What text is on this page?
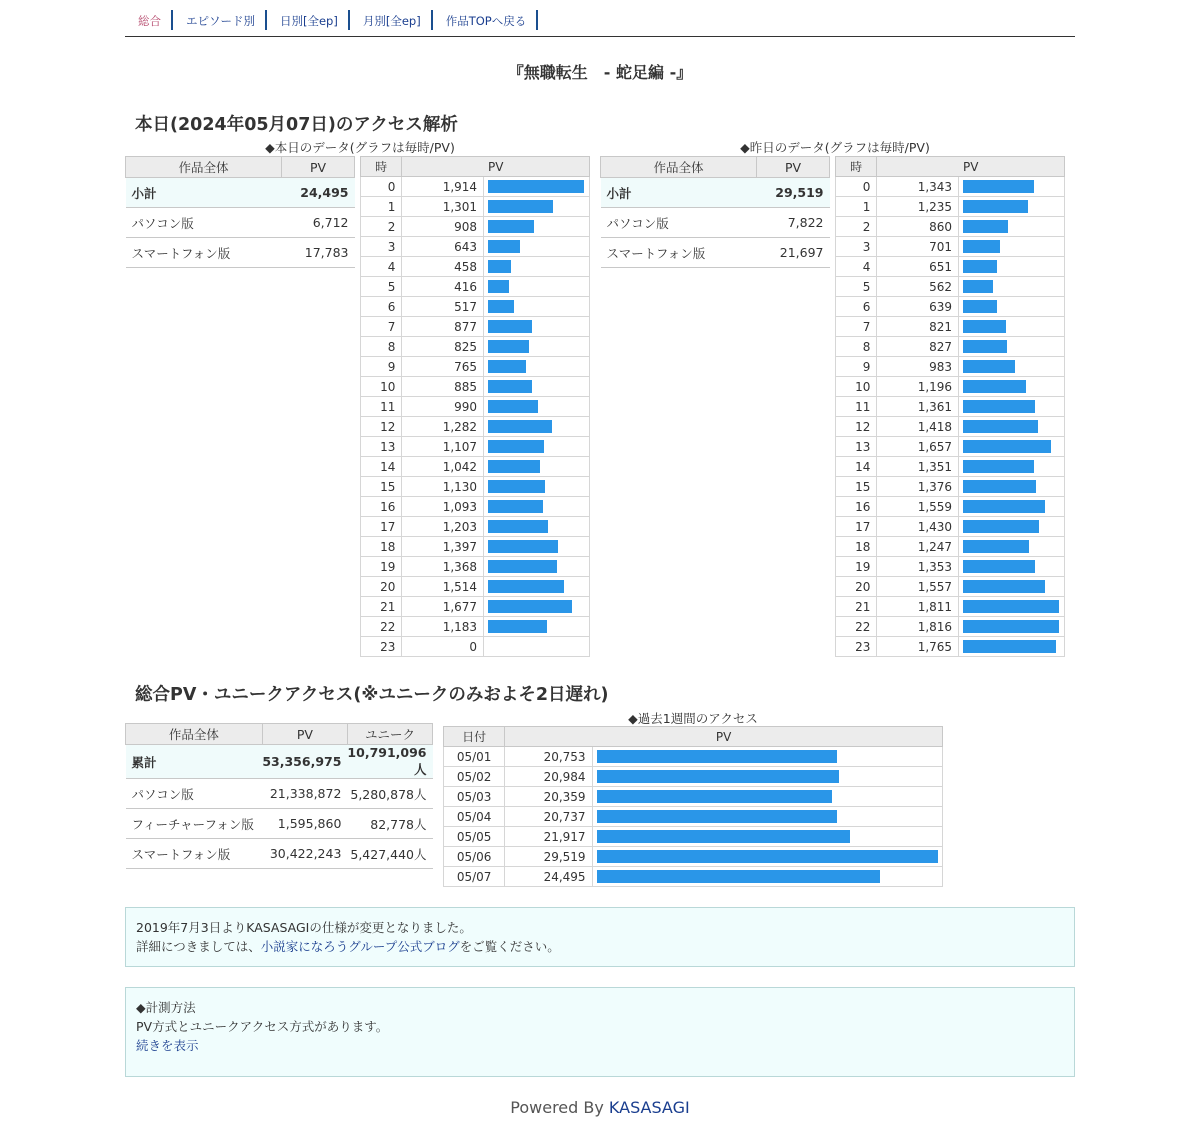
総合	エピソード別	日別[全ep]	月別[全ep]	作品TOPへ戻る
『無職転生　- 蛇足編 -』
本日(2024年05月07日)のアクセス解析
◆本日のデータ(グラフは毎時/PV)	◆昨日のデータ(グラフは毎時/PV)
作品全体	PV
小計	24,495
パソコン版	6,712
スマートフォン版	17,783
時	PV	
0	1,914	

1	1,301	

2	908	

3	643	

4	458	

5	416	

6	517	

7	877	

8	825	

9	765	

10	885	

11	990	

12	1,282	

13	1,107	

14	1,042	

15	1,130	

16	1,093	

17	1,203	

18	1,397	

19	1,368	

20	1,514	

21	1,677	

22	1,183	

23	0	
作品全体	PV
小計	29,519
パソコン版	7,822
スマートフォン版	21,697
時	PV	
0	1,343	

1	1,235	

2	860	

3	701	

4	651	

5	562	

6	639	

7	821	

8	827	

9	983	

10	1,196	

11	1,361	

12	1,418	

13	1,657	

14	1,351	

15	1,376	

16	1,559	

17	1,430	

18	1,247	

19	1,353	

20	1,557	

21	1,811	

22	1,816	

23	1,765	
総合PV・ユニークアクセス(※ユニークのみおよそ2日遅れ)
作品全体	PV	ユニーク
累計	53,356,975	10,791,096人
パソコン版	21,338,872	5,280,878人
フィーチャーフォン版	1,595,860	82,778人
スマートフォン版	30,422,243	5,427,440人
◆過去1週間のアクセス
日付	PV	
05/01	20,753	

05/02	20,984	

05/03	20,359	

05/04	20,737	

05/05	21,917	

05/06	29,519	

05/07	24,495	
2019年7月3日よりKASASAGIの仕様が変更となりました。
詳細につきましては、小説家になろうグループ公式ブログをご覧ください。
◆計測方法
PV方式とユニークアクセス方式があります。
続きを表示
Powered By KASASAGI
